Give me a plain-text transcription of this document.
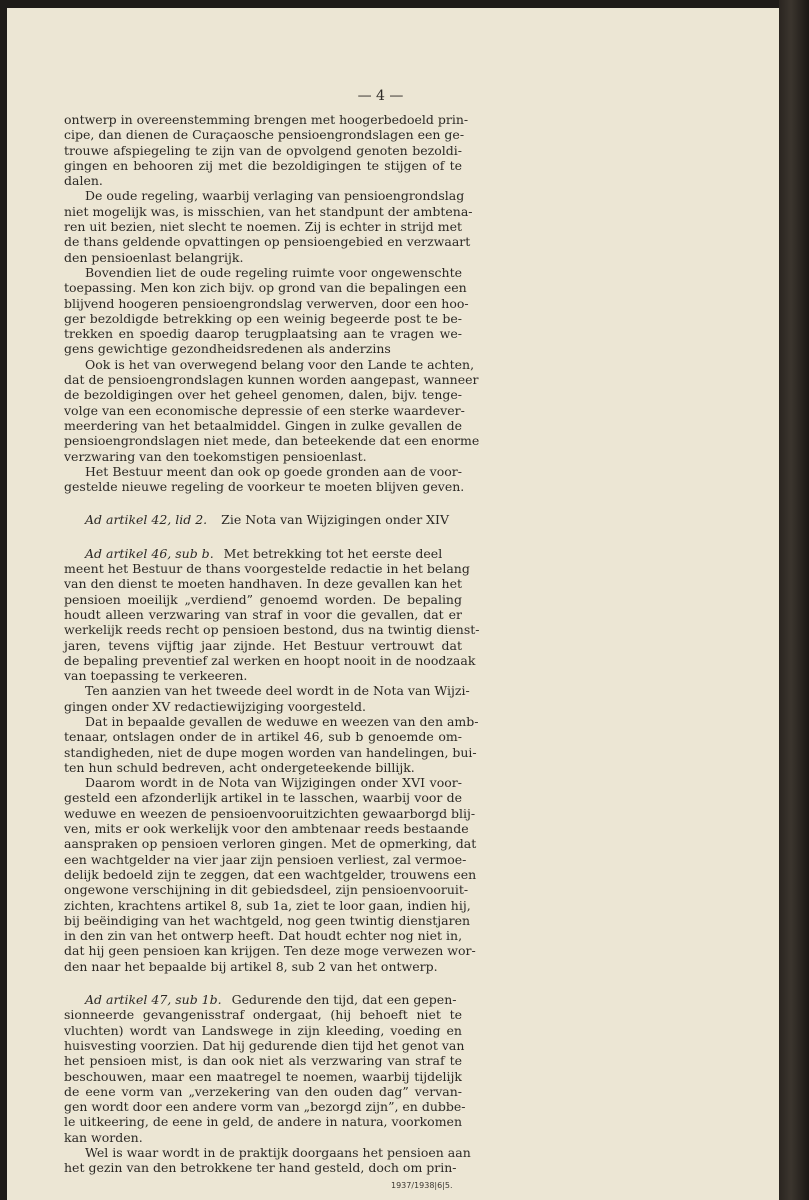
— 4 —
ontwerp in overeenstemming brengen met hoogerbedoeld prin-
cipe, dan dienen de Curaçaosche pensioengrondslagen een ge-
trouwe afspiegeling te zijn van de opvolgend genoten bezoldi-
gingen en behooren zij met die bezoldigingen te stijgen of te
dalen.
De oude regeling, waarbij verlaging van pensioengrondslag
niet mogelijk was, is misschien, van het standpunt der ambtena-
ren uit bezien, niet slecht te noemen. Zij is echter in strijd met
de thans geldende opvattingen op pensioengebied en verzwaart
den pensioenlast belangrijk.
Bovendien liet de oude regeling ruimte voor ongewenschte
toepassing. Men kon zich bijv. op grond van die bepalingen een
blijvend hoogeren pensioengrondslag verwerven, door een hoo-
ger bezoldigde betrekking op een weinig begeerde post te be-
trekken en spoedig daarop terugplaatsing aan te vragen we-
gens gewichtige gezondheidsredenen als anderzins
Ook is het van overwegend belang voor den Lande te achten,
dat de pensioengrondslagen kunnen worden aangepast, wanneer
de bezoldigingen over het geheel genomen, dalen, bijv. tenge-
volge van een economische depressie of een sterke waardever-
meerdering van het betaalmiddel. Gingen in zulke gevallen de
pensioengrondslagen niet mede, dan beteekende dat een enorme
verzwaring van den toekomstigen pensioenlast.
Het Bestuur meent dan ook op goede gronden aan de voor-
gestelde nieuwe regeling de voorkeur te moeten blijven geven.
Ad artikel 42, lid 2. Zie Nota van Wijzigingen onder XIV
Ad artikel 46, sub b. Met betrekking tot het eerste deel
meent het Bestuur de thans voorgestelde redactie in het belang
van den dienst te moeten handhaven. In deze gevallen kan het
pensioen moeilijk „verdiend” genoemd worden. De bepaling
houdt alleen verzwaring van straf in voor die gevallen, dat er
werkelijk reeds recht op pensioen bestond, dus na twintig dienst-
jaren, tevens vijftig jaar zijnde. Het Bestuur vertrouwt dat
de bepaling preventief zal werken en hoopt nooit in de noodzaak
van toepassing te verkeeren.
Ten aanzien van het tweede deel wordt in de Nota van Wijzi-
gingen onder XV redactiewijziging voorgesteld.
Dat in bepaalde gevallen de weduwe en weezen van den amb-
tenaar, ontslagen onder de in artikel 46, sub b genoemde om-
standigheden, niet de dupe mogen worden van handelingen, bui-
ten hun schuld bedreven, acht ondergeteekende billijk.
Daarom wordt in de Nota van Wijzigingen onder XVI voor-
gesteld een afzonderlijk artikel in te lasschen, waarbij voor de
weduwe en weezen de pensioenvooruitzichten gewaarborgd blij-
ven, mits er ook werkelijk voor den ambtenaar reeds bestaande
aanspraken op pensioen verloren gingen. Met de opmerking, dat
een wachtgelder na vier jaar zijn pensioen verliest, zal vermoe-
delijk bedoeld zijn te zeggen, dat een wachtgelder, trouwens een
ongewone verschijning in dit gebiedsdeel, zijn pensioenvooruit-
zichten, krachtens artikel 8, sub 1a, ziet te loor gaan, indien hij,
bij beëindiging van het wachtgeld, nog geen twintig dienstjaren
in den zin van het ontwerp heeft. Dat houdt echter nog niet in,
dat hij geen pensioen kan krijgen. Ten deze moge verwezen wor-
den naar het bepaalde bij artikel 8, sub 2 van het ontwerp.
Ad artikel 47, sub 1b. Gedurende den tijd, dat een gepen-
sionneerde gevangenisstraf ondergaat, (hij behoeft niet te
vluchten) wordt van Landswege in zijn kleeding, voeding en
huisvesting voorzien. Dat hij gedurende dien tijd het genot van
het pensioen mist, is dan ook niet als verzwaring van straf te
beschouwen, maar een maatregel te noemen, waarbij tijdelijk
de eene vorm van „verzekering van den ouden dag” vervan-
gen wordt door een andere vorm van „bezorgd zijn”, en dubbe-
le uitkeering, de eene in geld, de andere in natura, voorkomen
kan worden.
Wel is waar wordt in de praktijk doorgaans het pensioen aan
het gezin van den betrokkene ter hand gesteld, doch om prin-
1937/1938|6|5.
